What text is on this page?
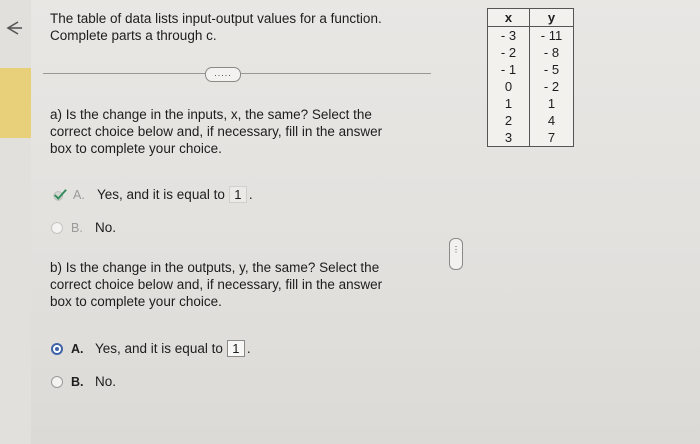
The table of data lists input-output values for a function.

Complete parts a through c.

.....
a) Is the change in the inputs, x, the same? Select the
correct choice below and, if necessary, fill in the answer
box to complete your choice.
A. Yes, and it is equal to 1 .
B. No.
b) Is the change in the outputs, y, the same? Select the
correct choice below and, if necessary, fill in the answer
box to complete your choice.
A. Yes, and it is equal to 1 .
B. No.
⋮
x	y
- 3	- 11
- 2	- 8
- 1	- 5
0	- 2
1	1
2	4
3	7
